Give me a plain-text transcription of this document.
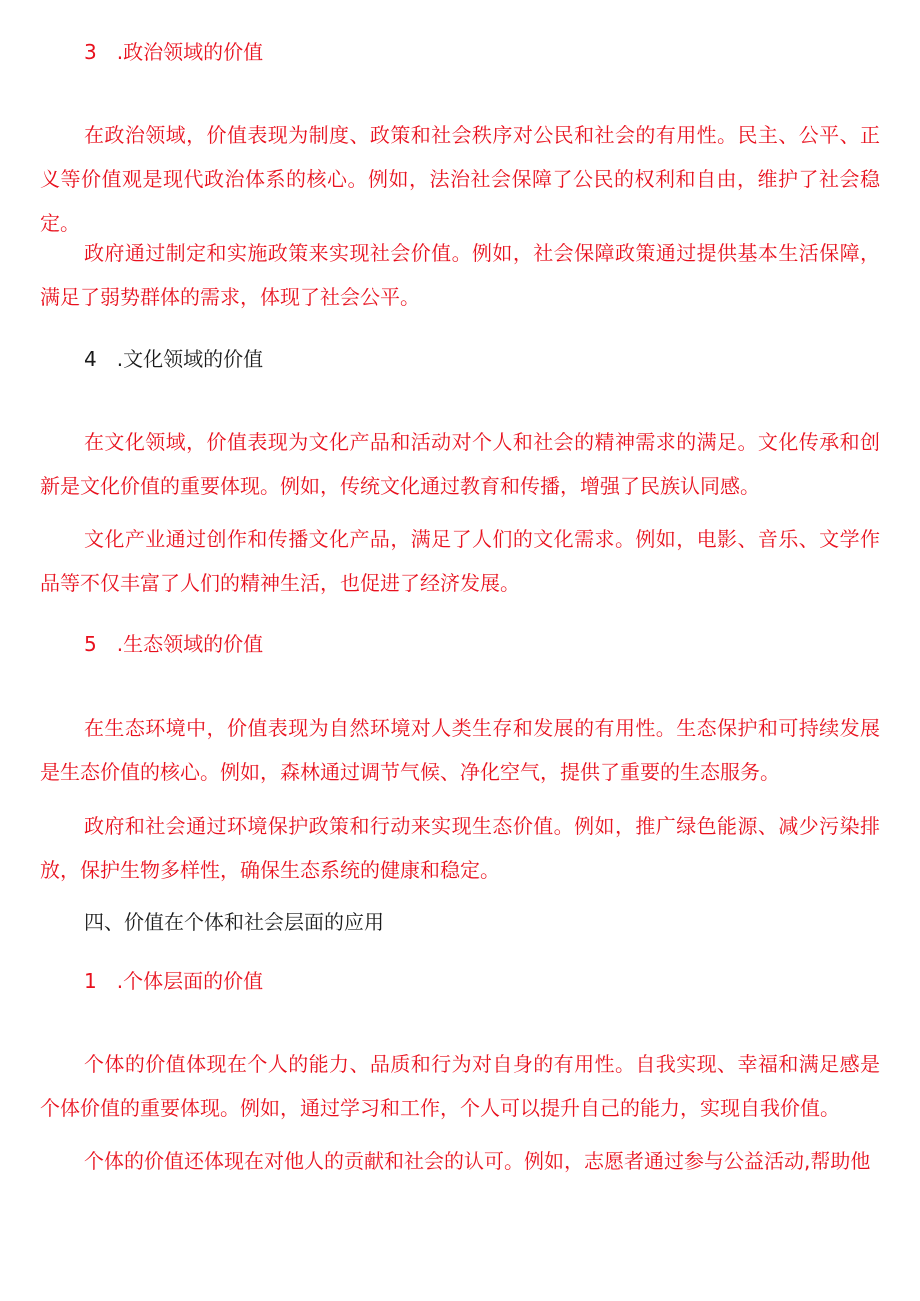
3　.政治领域的价值

在政治领域，价值表现为制度、政策和社会秩序对公民和社会的有用性。民主、公平、正义等价值观是现代政治体系的核心。例如，法治社会保障了公民的权利和自由，维护了社会稳定。

政府通过制定和实施政策来实现社会价值。例如，社会保障政策通过提供基本生活保障，满足了弱势群体的需求，体现了社会公平。

4　.文化领域的价值

在文化领域，价值表现为文化产品和活动对个人和社会的精神需求的满足。文化传承和创新是文化价值的重要体现。例如，传统文化通过教育和传播，增强了民族认同感。

文化产业通过创作和传播文化产品，满足了人们的文化需求。例如，电影、音乐、文学作品等不仅丰富了人们的精神生活，也促进了经济发展。

5　.生态领域的价值

在生态环境中，价值表现为自然环境对人类生存和发展的有用性。生态保护和可持续发展是生态价值的核心。例如，森林通过调节气候、净化空气，提供了重要的生态服务。

政府和社会通过环境保护政策和行动来实现生态价值。例如，推广绿色能源、减少污染排放，保护生物多样性，确保生态系统的健康和稳定。

四、价值在个体和社会层面的应用
1　.个体层面的价值

个体的价值体现在个人的能力、品质和行为对自身的有用性。自我实现、幸福和满足感是个体价值的重要体现。例如，通过学习和工作，个人可以提升自己的能力，实现自我价值。

个体的价值还体现在对他人的贡献和社会的认可。例如，志愿者通过参与公益活动,帮助他
